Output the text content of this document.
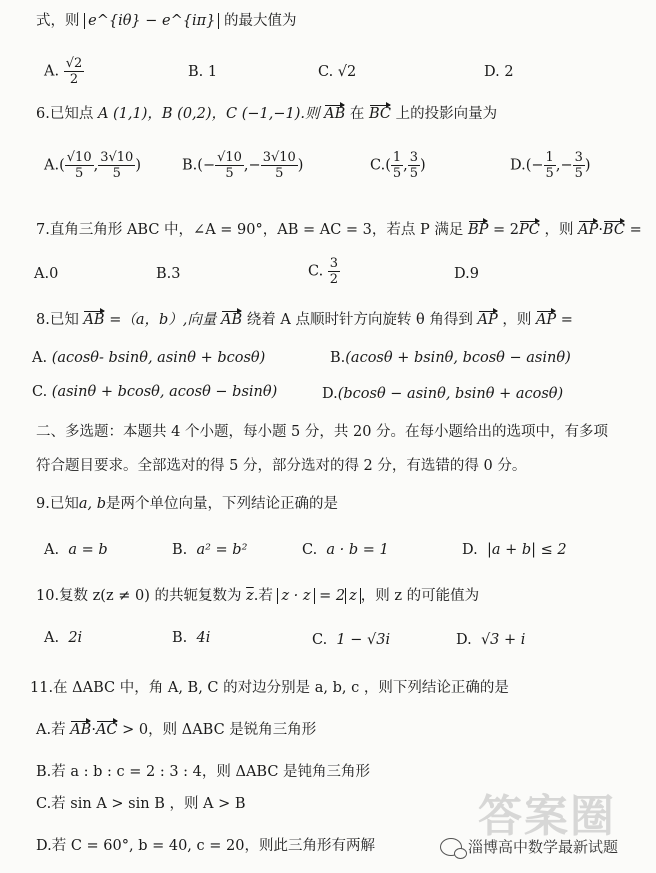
式，则 e^{iθ} − e^{iπ} 的最大值为
A. $\frac{√2}{2}$	B. 1	C. √2	D. 2
6.已知点 A (1,1)，B (0,2)，C (−1,−1).则 AB 在 BC 上的投影向量为
$A.( \frac{√10}{5}$ , $\frac{3√10}{5}$ )	$B.(- \frac{√10}{5}$ ,− $\frac{3√10}{5}$ )	$C.( \frac{1}{5}$ , $\frac{3}{5}$ )	$D.(- \frac{1}{5}$ ,− $\frac{3}{5}$ )
7.直角三角形 ABC 中，∠A = 90°，AB = AC = 3，若点 P 满足 BP = 2PC ，则 AP·BC =
A.0	B.3	C. $\frac{3}{2}$	D.9
8.已知 AB =（a，b）,向量 AB 绕着 A 点顺时针方向旋转 θ 角得到 AP ，则 AP =
A. (acosθ- bsinθ, asinθ + bcosθ)	B.(acosθ + bsinθ, bcosθ − asinθ)
C. (asinθ + bcosθ, acosθ − bsinθ)	D.(bcosθ − asinθ, bsinθ + acosθ)
二、多选题：本题共 4 个小题，每小题 5 分，共 20 分。在每小题给出的选项中，有多项
符合题目要求。全部选对的得 5 分，部分选对的得 2 分，有选错的得 0 分。
9.已知a, b是两个单位向量，下列结论正确的是
A. a = b	B. a² = b²	C. a · b = 1	D. |a + b| ≤ 2
10.复数 z(z ≠ 0) 的共轭复数为 $\overline{z}$.若 z · z = 2 z ，则 z 的可能值为
A. 2i	B. 4i	C. 1 − √3i	D. √3 + i
11.在 ΔABC 中，角 A, B, C 的对边分别是 a, b, c ，则下列结论正确的是
A.若 AB·AC > 0，则 ΔABC 是锐角三角形
B.若 a : b : c = 2 : 3 : 4，则 ΔABC 是钝角三角形
C.若 sin A > sin B ，则 A > B
D.若 C = 60°, b = 40, c = 20，则此三角形有两解
答案圈
淄博高中数学最新试题
